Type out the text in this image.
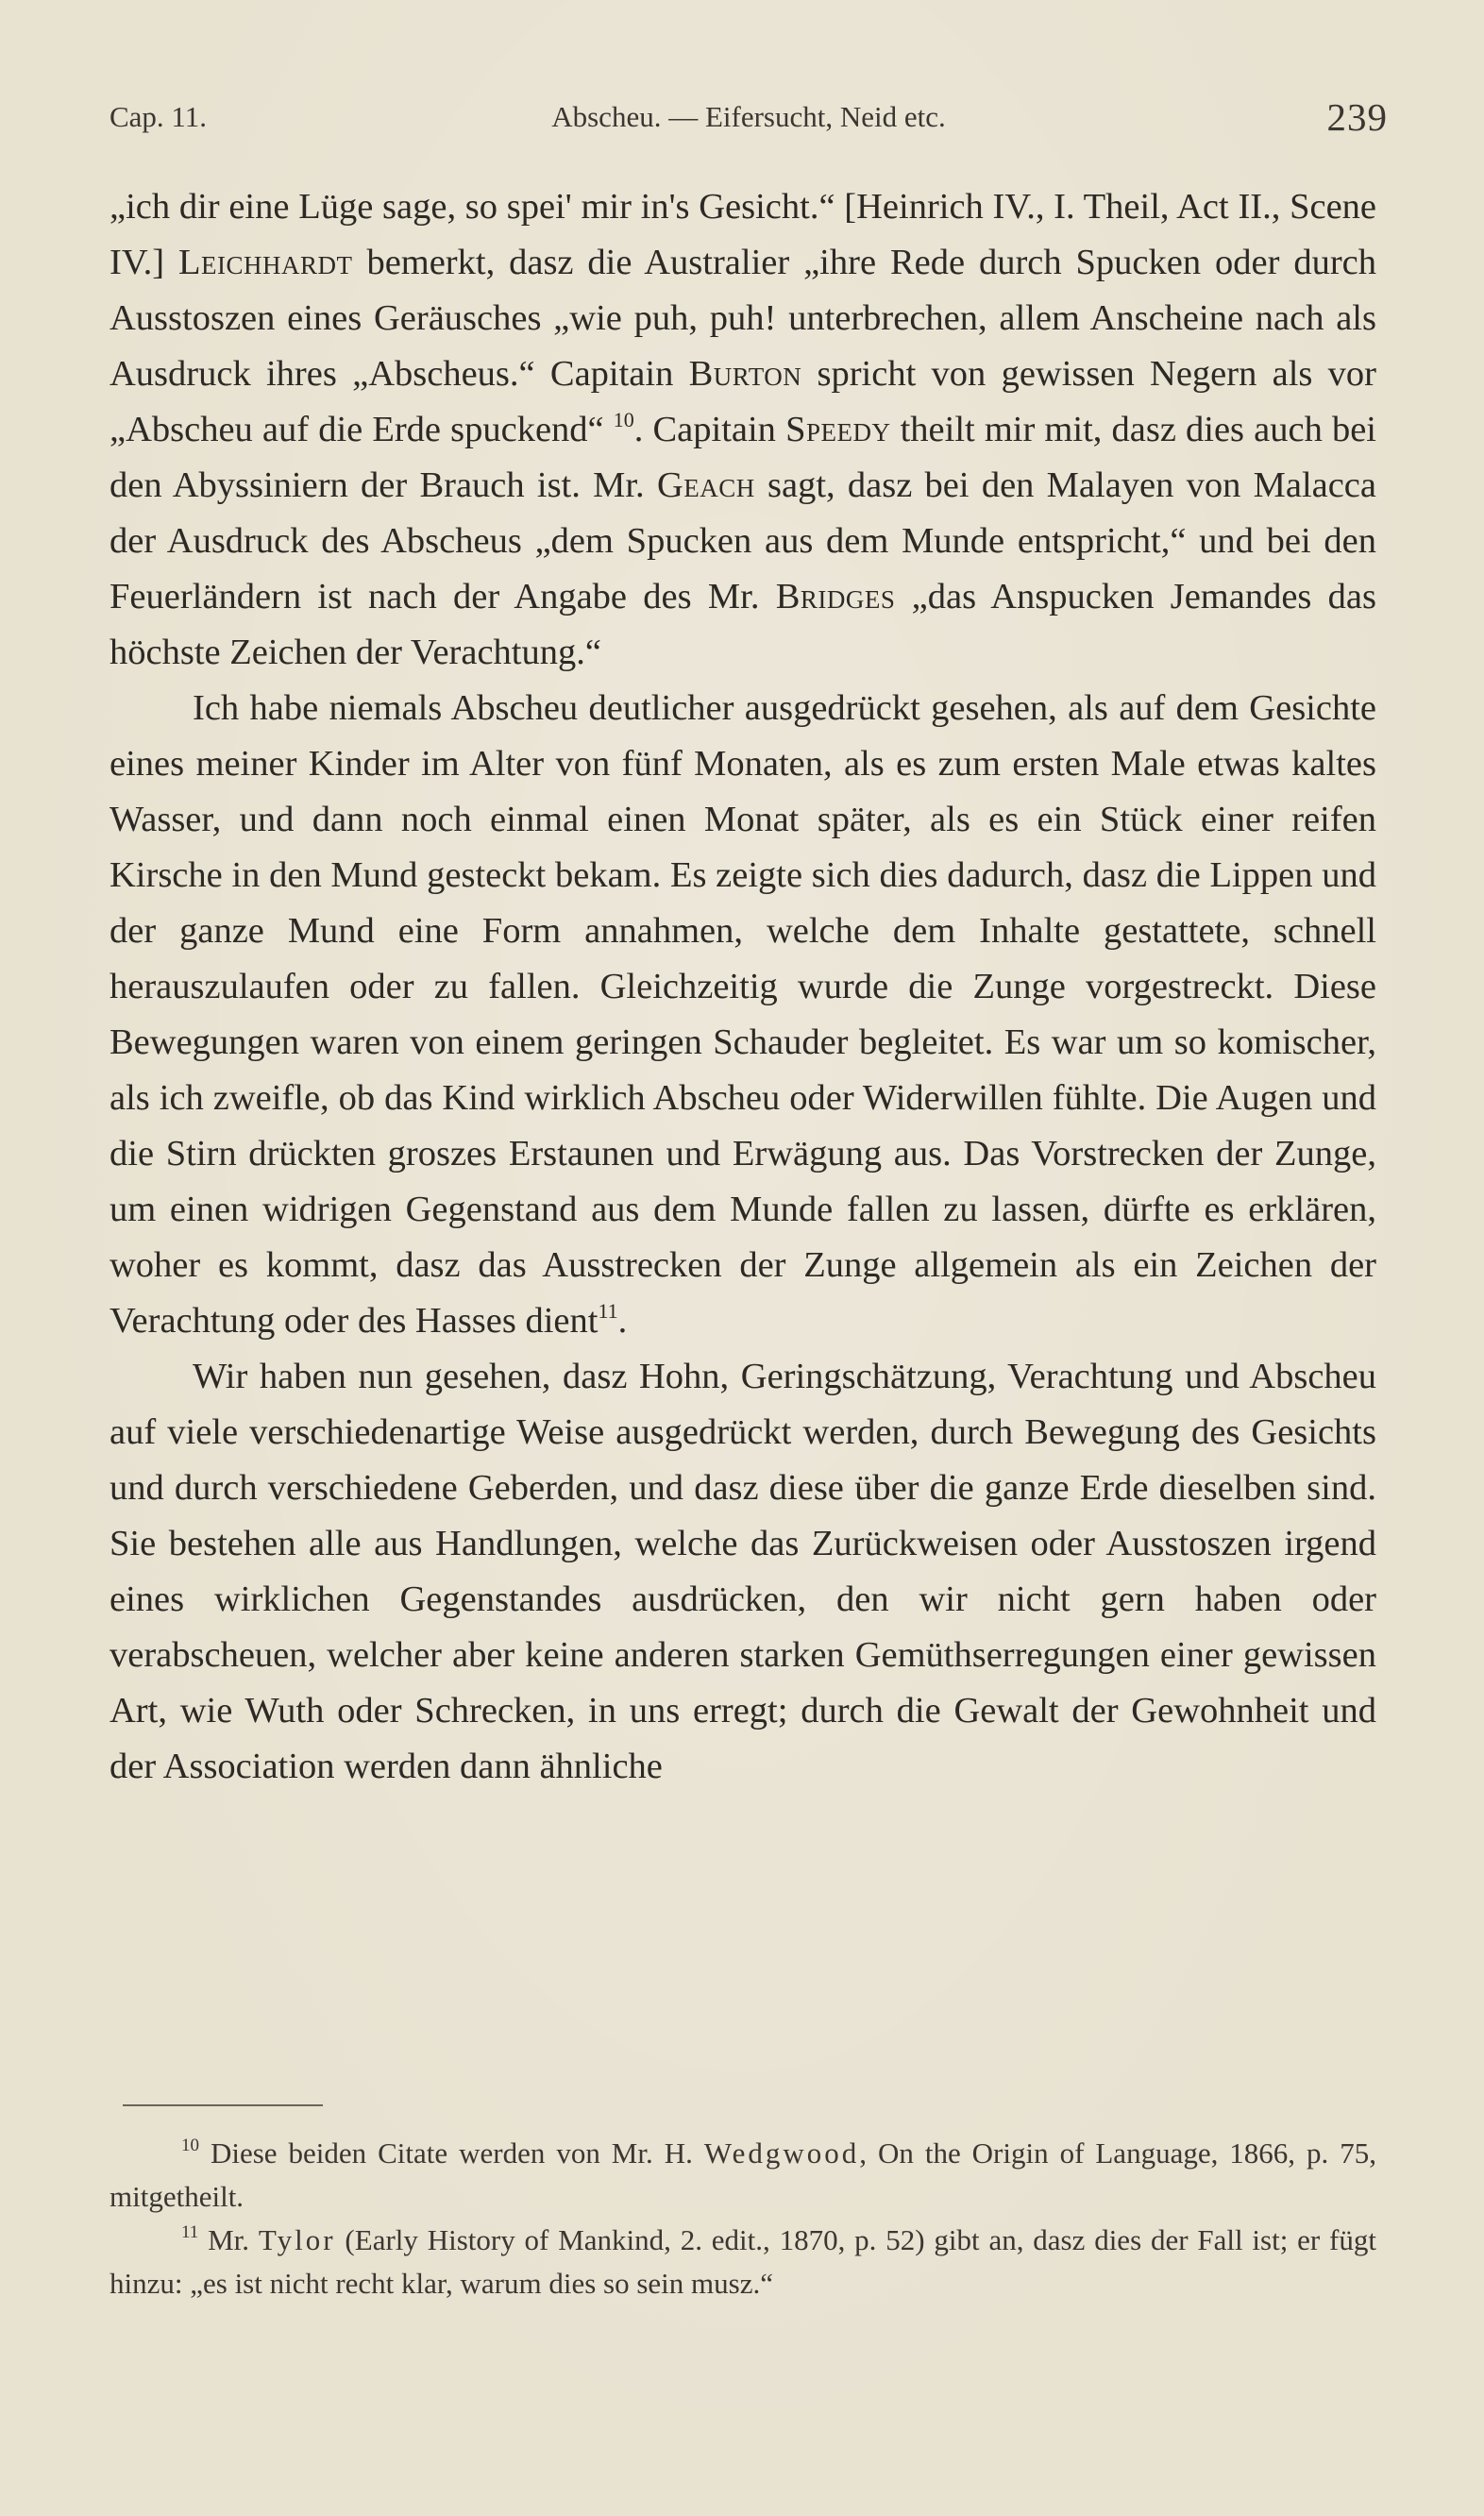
Cap. 11.	Abscheu. — Eifersucht, Neid etc.	239

„ich dir eine Lüge sage, so spei' mir in's Gesicht.“ [Heinrich IV., I. Theil, Act II., Scene IV.] Leichhardt bemerkt, dasz die Australier „ihre Rede durch Spucken oder durch Ausstoszen eines Geräusches „wie puh, puh! unterbrechen, allem Anscheine nach als Ausdruck ihres „Abscheus.“ Capitain Burton spricht von gewissen Negern als vor „Abscheu auf die Erde spuckend“ $^{10}$. Capitain Speedy theilt mir mit, dasz dies auch bei den Abyssiniern der Brauch ist. Mr. Geach sagt, dasz bei den Malayen von Malacca der Ausdruck des Abscheus „dem Spucken aus dem Munde entspricht,“ und bei den Feuerländern ist nach der Angabe des Mr. Bridges „das Anspucken Jemandes das höchste Zeichen der Verachtung.“

Ich habe niemals Abscheu deutlicher ausgedrückt gesehen, als auf dem Gesichte eines meiner Kinder im Alter von fünf Monaten, als es zum ersten Male etwas kaltes Wasser, und dann noch einmal einen Monat später, als es ein Stück einer reifen Kirsche in den Mund gesteckt bekam. Es zeigte sich dies dadurch, dasz die Lippen und der ganze Mund eine Form annahmen, welche dem Inhalte gestattete, schnell herauszulaufen oder zu fallen. Gleichzeitig wurde die Zunge vorgestreckt. Diese Bewegungen waren von einem geringen Schauder begleitet. Es war um so komischer, als ich zweifle, ob das Kind wirklich Abscheu oder Widerwillen fühlte. Die Augen und die Stirn drückten groszes Erstaunen und Erwägung aus. Das Vorstrecken der Zunge, um einen widrigen Gegenstand aus dem Munde fallen zu lassen, dürfte es erklären, woher es kommt, dasz das Ausstrecken der Zunge allgemein als ein Zeichen der Verachtung oder des Hasses dient$^{11}$.

Wir haben nun gesehen, dasz Hohn, Geringschätzung, Verachtung und Abscheu auf viele verschiedenartige Weise ausgedrückt werden, durch Bewegung des Gesichts und durch verschiedene Geberden, und dasz diese über die ganze Erde dieselben sind. Sie bestehen alle aus Handlungen, welche das Zurückweisen oder Ausstoszen irgend eines wirklichen Gegenstandes ausdrücken, den wir nicht gern haben oder verabscheuen, welcher aber keine anderen starken Gemüthserregungen einer gewissen Art, wie Wuth oder Schrecken, in uns erregt; durch die Gewalt der Gewohnheit und der Association werden dann ähnliche

$^{10}$ Diese beiden Citate werden von Mr. H. Wedgwood, On the Origin of Language, 1866, p. 75, mitgetheilt.

$^{11}$ Mr. Tylor (Early History of Mankind, 2. edit., 1870, p. 52) gibt an, dasz dies der Fall ist; er fügt hinzu: „es ist nicht recht klar, warum dies so sein musz.“
